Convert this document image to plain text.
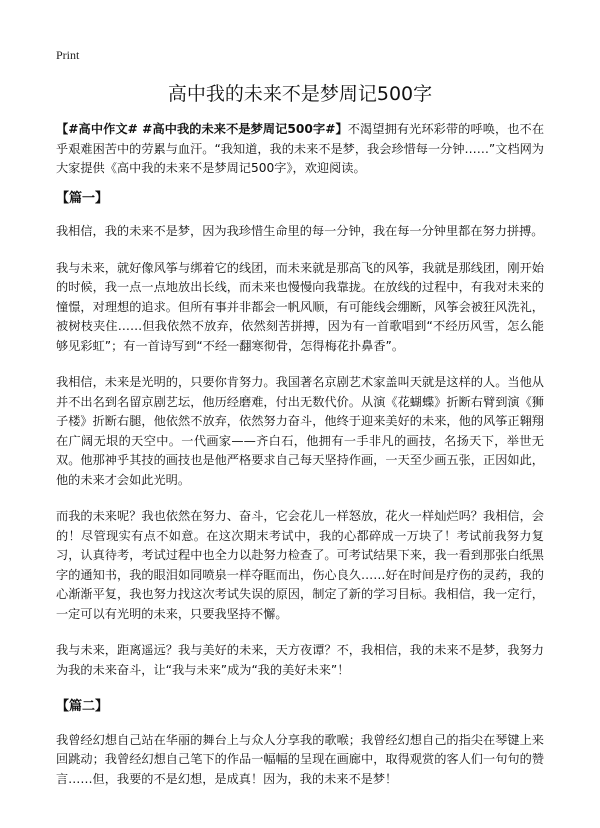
Print
高中我的未来不是梦周记500字

【#高中作文# #高中我的未来不是梦周记500字#】不渴望拥有光环彩带的呼唤，也不在乎艰难困苦中的劳累与血汗。“我知道，我的未来不是梦，我会珍惜每一分钟……”文档网为大家提供《高中我的未来不是梦周记500字》，欢迎阅读。

【篇一】

我相信，我的未来不是梦，因为我珍惜生命里的每一分钟，我在每一分钟里都在努力拼搏。

我与未来，就好像风筝与绑着它的线团，而未来就是那高飞的风筝，我就是那线团，刚开始的时候，我一点一点地放出长线，而未来也慢慢向我靠拢。在放线的过程中，有我对未来的憧憬，对理想的追求。但所有事并非都会一帆风顺，有可能线会绷断，风筝会被狂风洗礼，被树枝夹住……但我依然不放弃，依然刻苦拼搏，因为有一首歌唱到“不经历风雪，怎么能够见彩虹”；有一首诗写到“不经一翻寒彻骨，怎得梅花扑鼻香”。

我相信，未来是光明的，只要你肯努力。我国著名京剧艺术家盖叫天就是这样的人。当他从并不出名到名留京剧艺坛，他历经磨难，付出无数代价。从演《花蝴蝶》折断右臂到演《狮子楼》折断右腿，他依然不放弃，依然努力奋斗，他终于迎来美好的未来，他的风筝正翱翔在广阔无垠的天空中。一代画家——齐白石，他拥有一手非凡的画技，名扬天下，举世无双。他那神乎其技的画技也是他严格要求自己每天坚持作画，一天至少画五张，正因如此，他的未来才会如此光明。

而我的未来呢？我也依然在努力、奋斗，它会花儿一样怒放，花火一样灿烂吗？我相信，会的！尽管现实有点不如意。在这次期末考试中，我的心都碎成一万块了！考试前我努力复习，认真待考，考试过程中也全力以赴努力检查了。可考试结果下来，我一看到那张白纸黑字的通知书，我的眼泪如同喷泉一样夺眶而出，伤心良久……好在时间是疗伤的灵药，我的心渐渐平复，我也努力找这次考试失误的原因，制定了新的学习目标。我相信，我一定行，一定可以有光明的未来，只要我坚持不懈。

我与未来，距离遥远？我与美好的未来，天方夜谭？不，我相信，我的未来不是梦，我努力为我的未来奋斗，让“我与未来”成为“我的美好未来”！

【篇二】

我曾经幻想自己站在华丽的舞台上与众人分享我的歌喉；我曾经幻想自己的指尖在琴键上来回跳动；我曾经幻想自己笔下的作品一幅幅的呈现在画廊中，取得观赏的客人们一句句的赞言……但，我要的不是幻想，是成真！因为，我的未来不是梦！
